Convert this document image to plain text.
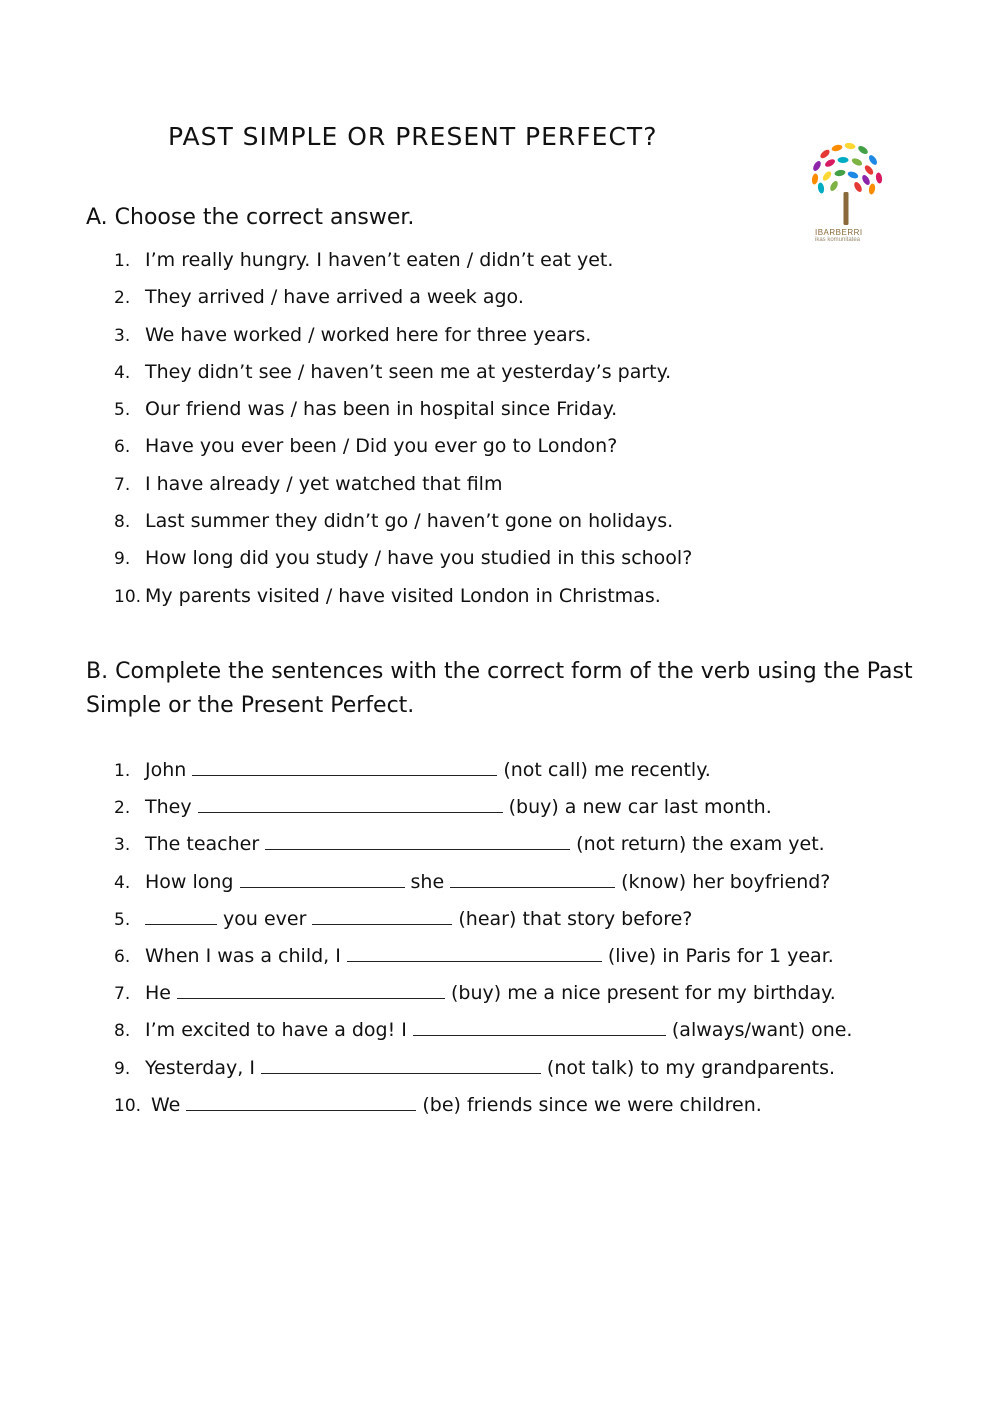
PAST SIMPLE OR PRESENT PERFECT?
IBARBERRI
ikas komunitatea
A. Choose the correct answer.
1. I’m really hungry. I haven’t eaten / didn’t eat yet.
2. They arrived / have arrived a week ago.
3. We have worked / worked here for three years.
4. They didn’t see / haven’t seen me at yesterday’s party.
5. Our friend was / has been in hospital since Friday.
6. Have you ever been / Did you ever go to London?
7. I have already / yet watched that film
8. Last summer they didn’t go / haven’t gone on holidays.
9. How long did you study / have you studied in this school?
10. My parents visited / have visited London in Christmas.
B. Complete the sentences with the correct form of the verb using the Past Simple or the Present Perfect.
1. John	(not call) me recently.
2. They	(buy) a new car last month.
3. The teacher	(not return) the exam yet.
4. How long	she	(know) her boyfriend?
5.	you ever	(hear) that story before?
6. When I was a child, I	(live) in Paris for 1 year.
7. He	(buy) me a nice present for my birthday.
8. I’m excited to have a dog! I	(always/want) one.
9. Yesterday, I	(not talk) to my grandparents.
10. We	(be) friends since we were children.
